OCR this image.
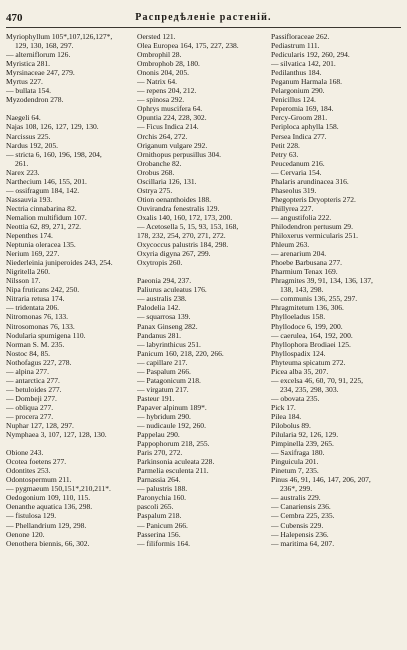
470	Распредѣленіе растеній.
Myriophyllum 105*,107,126,127*,
129, 130, 168, 297.
— alterniflorum 126.
Myristica 281.
Myrsinaceae 247, 279.
Myrtus 227.
— bullata 154.
Myzodendron 278.
Naegeli 64.
Najas 108, 126, 127, 129, 130.
Narcissus 225.
Nardus 192, 205.
— stricta 6, 160, 196, 198, 204,
261.
Narex 223.
Narthecium 146, 155, 201.
— ossifragum 184, 142.
Nassauvia 193.
Nectria cinnabarina 82.
Nemalion multifidum 107.
Neottia 62, 89, 271, 272.
Nepenthes 174.
Neptunia oleracea 135.
Nerium 169, 227.
Niederleinia juniperoides 243, 254.
Nigritella 260.
Nilsson 17.
Nipa fruticans 242, 250.
Nitraria retusa 174.
— tridentata 206.
Nitromonas 76, 133.
Nitrosomonas 76, 133.
Nodularia spumigena 110.
Norman S. M. 235.
Nostoc 84, 85.
Nothofagus 227, 278.
— alpina 277.
— antarctica 277.
— betuloides 277.
— Dombeji 277.
— obliqua 277.
— procera 277.
Nuphar 127, 128, 297.
Nymphaea 3, 107, 127, 128, 130.
Obione 243.
Ocotea foetens 277.
Odontites 253.
Odontospermum 211.
— pygmaeum 150,151*,210,211*.
Oedogonium 109, 110, 115.
Oenanthe aquatica 136, 298.
— fistulosa 129.
— Phellandrium 129, 298.
Oenone 120.
Oenothera biennis, 66, 302.
Oersted 121.
Olea Europea 164, 175, 227, 238.
Ombrophil 28.
Ombrophob 28, 180.
Ononis 204, 205.
— Natrix 64.
— repens 204, 212.
— spinosa 292.
Ophrys muscifera 64.
Opuntia 224, 228, 302.
— Ficus Indica 214.
Orchis 264, 272.
Origanum vulgare 292.
Ornithopus perpusillus 304.
Orobanche 82.
Orobus 268.
Oscillaria 126, 131.
Ostrya 275.
Otion oenanthoides 188.
Ouvirandra fenestralis 129.
Oxalis 140, 160, 172, 173, 200.
— Acetosella 5, 15, 93, 153, 168,
178, 232, 254, 270, 271, 272.
Oxycoccus palustris 184, 298.
Oxyria digyna 267, 299.
Oxytropis 260.
Paeonia 294, 237.
Paliurus aculeatus 176.
— australis 238.
Palodelia 142.
— squarrosa 139.
Panax Ginseng 282.
Pandanus 281.
— labyrinthicus 251.
Panicum 160, 218, 220, 266.
— capillare 217.
— Paspalum 266.
— Patagonicum 218.
— virgatum 217.
Pasteur 191.
Papaver alpinum 189*.
— hybridum 290.
— nudicaule 192, 260.
Pappelau 290.
Pappophorum 218, 255.
Paris 270, 272.
Parkinsonia aculeata 228.
Parmelia esculenta 211.
Parnassia 264.
— palustris 188.
Paronychia 160.
pascoli 265.
Paspalum 218.
— Panicum 266.
Passerina 156.
— filiformis 164.
Passifloraceae 262.
Pediastrum 111.
Pedicularis 192, 260, 294.
— silvatica 142, 201.
Pedilanthus 184.
Peganum Harmala 168.
Pelargonium 290.
Penicillus 124.
Peperomia 169, 184.
Percy-Groom 281.
Periploca aphylla 158.
Persea Indica 277.
Petit 228.
Petry 63.
Peucedanum 216.
— Cervaria 154.
Phalaris arundinacea 316.
Phaseolus 319.
Phegopteris Dryopteris 272.
Phillyrea 227.
— angustifolia 222.
Philodendron pertusum 29.
Philoxerus vermicularis 251.
Phleum 263.
— arenarium 204.
Phoebe Barbusana 277.
Pharmium Tenax 169.
Phragmites 39, 91, 134, 136, 137,
138, 143, 298.
— communis 136, 255, 297.
Phragmitetum 136, 306.
Phylloeladus 158.
Phyllodoce 6, 199, 200.
— caerulea, 164, 192, 200.
Phyllophora Brodiaei 125.
Phyllospadix 124.
Phyteuma spicatum 272.
Picea alba 35, 207.
— excelsa 46, 60, 70, 91, 225,
234, 235, 298, 303.
— obovata 235.
Pick 17.
Pilea 184.
Pilobolus 89.
Pilularia 92, 126, 129.
Pimpinella 239, 265.
— Saxifraga 180.
Pinguicula 201.
Pinetum 7, 235.
Pinus 46, 91, 146, 147, 206, 207,
236*, 299.
— australis 229.
— Canariensis 236.
— Cembra 225, 235.
— Cubensis 229.
— Halepensis 236.
— maritima 64, 207.
